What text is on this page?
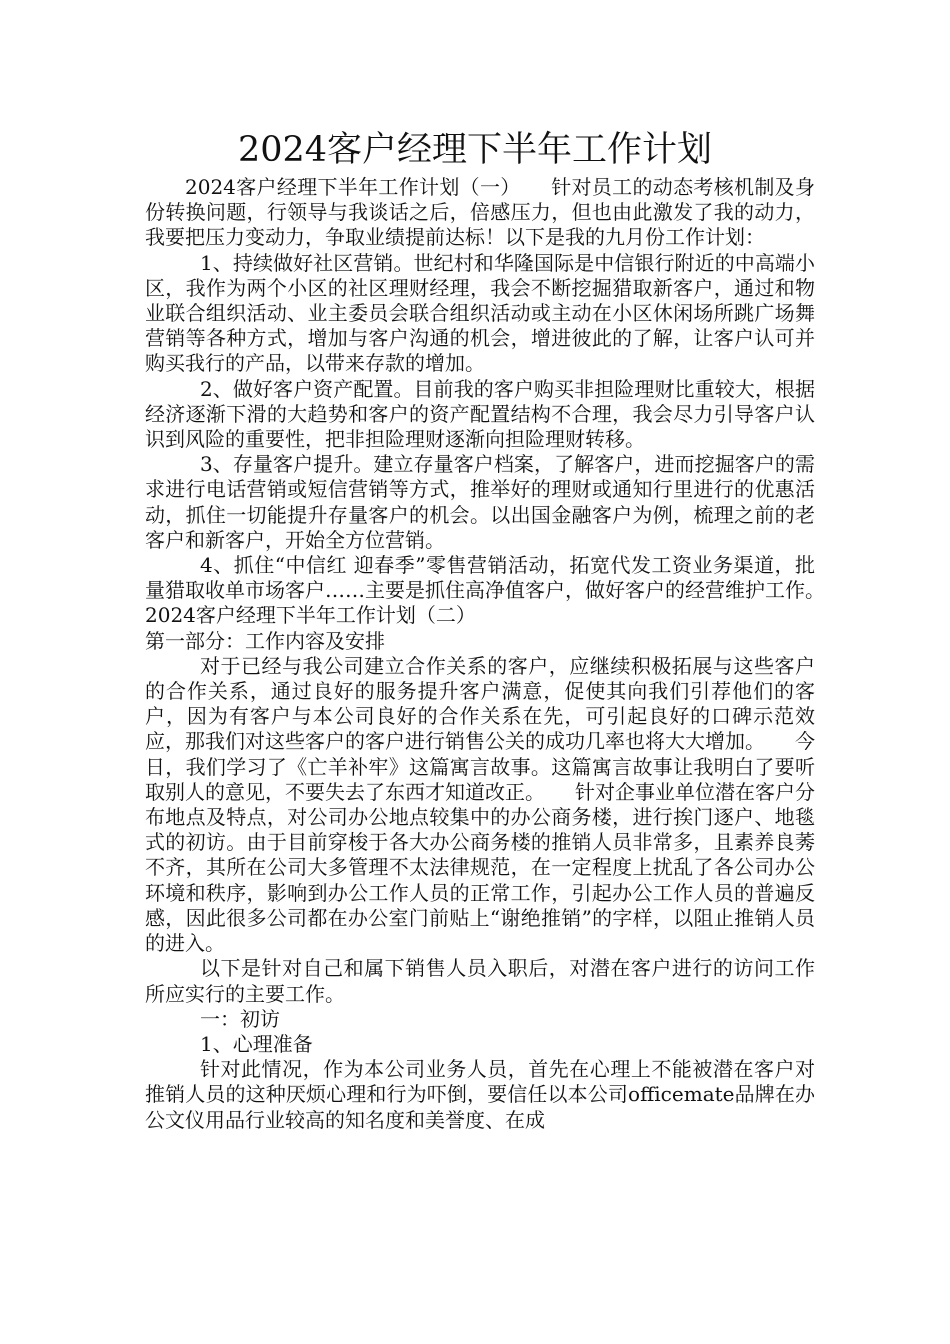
2024客户经理下半年工作计划

2024客户经理下半年工作计划（一）　　针对员工的动态考核机制及身份转换问题，行领导与我谈话之后，倍感压力，但也由此激发了我的动力，我要把压力变动力，争取业绩提前达标！以下是我的九月份工作计划：

1、持续做好社区营销。世纪村和华隆国际是中信银行附近的中高端小区，我作为两个小区的社区理财经理，我会不断挖掘猎取新客户，通过和物业联合组织活动、业主委员会联合组织活动或主动在小区休闲场所跳广场舞营销等各种方式，增加与客户沟通的机会，增进彼此的了解，让客户认可并购买我行的产品，以带来存款的增加。

2、做好客户资产配置。目前我的客户购买非担险理财比重较大，根据经济逐渐下滑的大趋势和客户的资产配置结构不合理，我会尽力引导客户认识到风险的重要性，把非担险理财逐渐向担险理财转移。

3、存量客户提升。建立存量客户档案，了解客户，进而挖掘客户的需求进行电话营销或短信营销等方式，推举好的理财或通知行里进行的优惠活动，抓住一切能提升存量客户的机会。以出国金融客户为例，梳理之前的老客户和新客户，开始全方位营销。

4、抓住“中信红 迎春季”零售营销活动，拓宽代发工资业务渠道，批量猎取收单市场客户……主要是抓住高净值客户，做好客户的经营维护工作。　　2024客户经理下半年工作计划（二）

第一部分：工作内容及安排

对于已经与我公司建立合作关系的客户，应继续积极拓展与这些客户的合作关系，通过良好的服务提升客户满意，促使其向我们引荐他们的客户，因为有客户与本公司良好的合作关系在先，可引起良好的口碑示范效应，那我们对这些客户的客户进行销售公关的成功几率也将大大增加。　　今日，我们学习了《亡羊补牢》这篇寓言故事。这篇寓言故事让我明白了要听取别人的意见，不要失去了东西才知道改正。　　针对企事业单位潜在客户分布地点及特点，对公司办公地点较集中的办公商务楼，进行挨门逐户、地毯式的初访。由于目前穿梭于各大办公商务楼的推销人员非常多，且素养良莠不齐，其所在公司大多管理不太法律规范，在一定程度上扰乱了各公司办公环境和秩序，影响到办公工作人员的正常工作，引起办公工作人员的普遍反感，因此很多公司都在办公室门前贴上“谢绝推销”的字样，以阻止推销人员的进入。

以下是针对自己和属下销售人员入职后，对潜在客户进行的访问工作所应实行的主要工作。

一：初访

1、心理准备

针对此情况，作为本公司业务人员，首先在心理上不能被潜在客户对推销人员的这种厌烦心理和行为吓倒，要信任以本公司officemate品牌在办公文仪用品行业较高的知名度和美誉度、在成
